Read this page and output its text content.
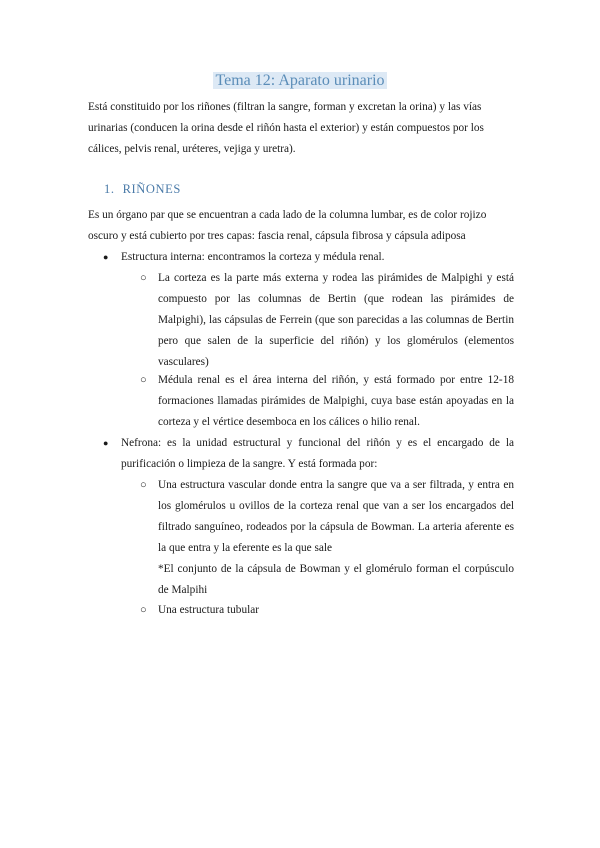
Tema 12: Aparato urinario

Está constituido por los riñones (filtran la sangre, forman y excretan la orina) y las vías urinarias (conducen la orina desde el riñón hasta el exterior) y están compuestos por los cálices, pelvis renal, uréteres, vejiga y uretra).

1. RIÑONES

Es un órgano par que se encuentran a cada lado de la columna lumbar, es de color rojizo oscuro y está cubierto por tres capas: fascia renal, cápsula fibrosa y cápsula adiposa

● Estructura interna: encontramos la corteza y médula renal.
○ La corteza es la parte más externa y rodea las pirámides de Malpighi y está compuesto por las columnas de Bertin (que rodean las pirámides de Malpighi), las cápsulas de Ferrein (que son parecidas a las columnas de Bertin pero que salen de la superficie del riñón) y los glomérulos (elementos vasculares)
○ Médula renal es el área interna del riñón, y está formado por entre 12-18 formaciones llamadas pirámides de Malpighi, cuya base están apoyadas en la corteza y el vértice desemboca en los cálices o hilio renal.
● Nefrona: es la unidad estructural y funcional del riñón y es el encargado de la purificación o limpieza de la sangre. Y está formada por:
○ Una estructura vascular donde entra la sangre que va a ser filtrada, y entra en los glomérulos u ovillos de la corteza renal que van a ser los encargados del filtrado sanguíneo, rodeados por la cápsula de Bowman. La arteria aferente es la que entra y la eferente es la que sale
*El conjunto de la cápsula de Bowman y el glomérulo forman el corpúsculo de Malpihi
○ Una estructura tubular
